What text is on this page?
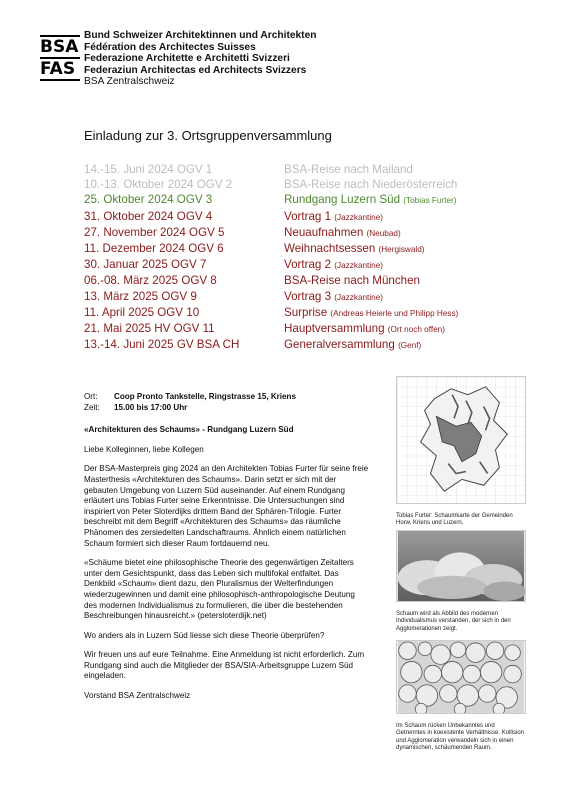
BSA
FAS
Bund Schweizer Architektinnen und Architekten
Fédération des Architectes Suisses
Federazione Architette e Architetti Svizzeri
Federaziun Architectas ed Architects Svizzers
BSA Zentralschweiz
Einladung zur 3. Ortsgruppenversammlung
14.-15. Juni 2024 OGV 1	BSA-Reise nach Mailand
10.-13. Oktober 2024 OGV 2	BSA-Reise nach Niederösterreich
25. Oktober 2024 OGV 3	Rundgang Luzern Süd (Tobias Furter)
31. Oktober 2024 OGV 4	Vortrag 1 (Jazzkantine)
27. November 2024 OGV 5	Neuaufnahmen (Neubad)
11. Dezember 2024 OGV 6	Weihnachtsessen (Hergiswald)
30. Januar 2025 OGV 7	Vortrag 2 (Jazzkantine)
06.-08. März 2025 OGV 8	BSA-Reise nach München
13. März 2025 OGV 9	Vortrag 3 (Jazzkantine)
11. April 2025 OGV 10	Surprise (Andreas Heierle und Philipp Hess)
21. Mai 2025 HV OGV 11	Hauptversammlung (Ort noch offen)
13.-14. Juni 2025 GV BSA CH	Generalversammlung (Genf)
Ort:	Coop Pronto Tankstelle, Ringstrasse 15, Kriens
Zeit:	15.00 bis 17:00 Uhr

«Architekturen des Schaums» - Rundgang Luzern Süd

Liebe Kolleginnen, liebe Kollegen

Der BSA-Masterpreis ging 2024 an den Architekten Tobias Furter für seine freie Masterthesis «Architekturen des Schaums». Darin setzt er sich mit der gebauten Umgebung von Luzern Süd auseinander. Auf einem Rundgang erläutert uns Tobias Furter seine Erkenntnisse. Die Untersuchungen sind inspiriert von Peter Sloterdijks drittem Band der Sphären-Trilogie. Furter beschreibt mit dem Begriff «Architekturen des Schaums» das räumliche Phänomen des zersiedelten Landschaftraums. Ähnlich einem natürlichen Schaum formiert sich dieser Raum fortdauernd neu.

«Schäume bietet eine philosophische Theorie des gegenwärtigen Zeitalters unter dem Gesichtspunkt, dass das Leben sich multifokal entfaltet. Das Denkbild «Schaum» dient dazu, den Pluralismus der Welterfindungen wiederzugewinnen und damit eine philosophisch-anthropologische Deutung des modernen Individualismus zu formulieren, die über die bestehenden Beschreibungen hinausreicht.» (petersloterdijk.net)

Wo anders als in Luzern Süd liesse sich diese Theorie überprüfen?

Wir freuen uns auf eure Teilnahme. Eine Anmeldung ist nicht erforderlich. Zum Rundgang sind auch die Mitglieder der BSA/SIA-Arbeitsgruppe Luzern Süd eingeladen.

Vorstand BSA Zentralschweiz

Tobias Furter: Schaumkarte der Gemeinden Horw, Kriens und Luzern.
Schaum wird als Abbild des modernen Individualismus verstanden, der sich in den Agglomerationen zeigt.
Im Schaum rücken Unbekanntes und Getrenntes in koexistente Verhältnisse. Kollision und Agglomeration verwandeln sich in einen dynamischen, schäumenden Raum.
